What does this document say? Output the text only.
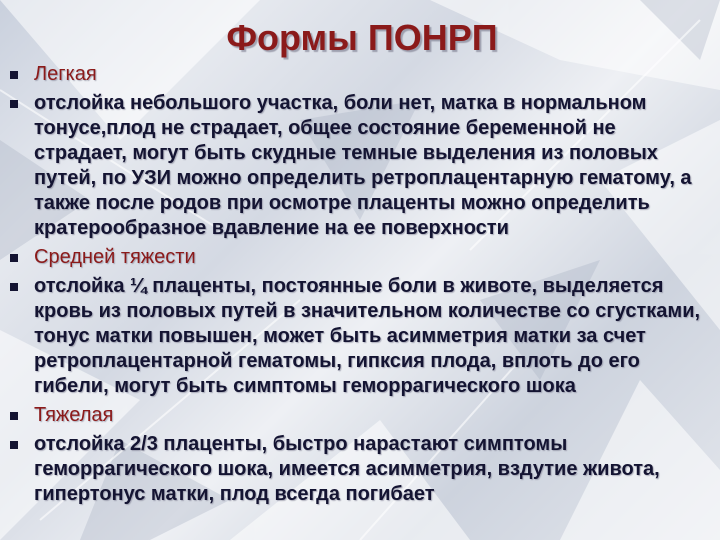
Формы ПОНРП
Легкая
отслойка небольшого участка, боли нет, матка в нормальном тонусе,плод не страдает, общее состояние беременной не страдает, могут быть скудные темные выделения из половых путей, по УЗИ можно определить ретроплацентарную гематому, а также после родов при осмотре плаценты можно определить кратерообразное вдавление на ее поверхности
Средней тяжести
отслойка ¼ плаценты, постоянные боли в животе, выделяется кровь из половых путей в значительном количестве со сгустками, тонус матки повышен, может быть асимметрия матки за счет ретроплацентарной гематомы, гипксия плода, вплоть до его гибели, могут быть симптомы геморрагического шока
Тяжелая
отслойка 2/3 плаценты, быстро нарастают симптомы геморрагического шока, имеется асимметрия, вздутие живота, гипертонус матки, плод всегда погибает
